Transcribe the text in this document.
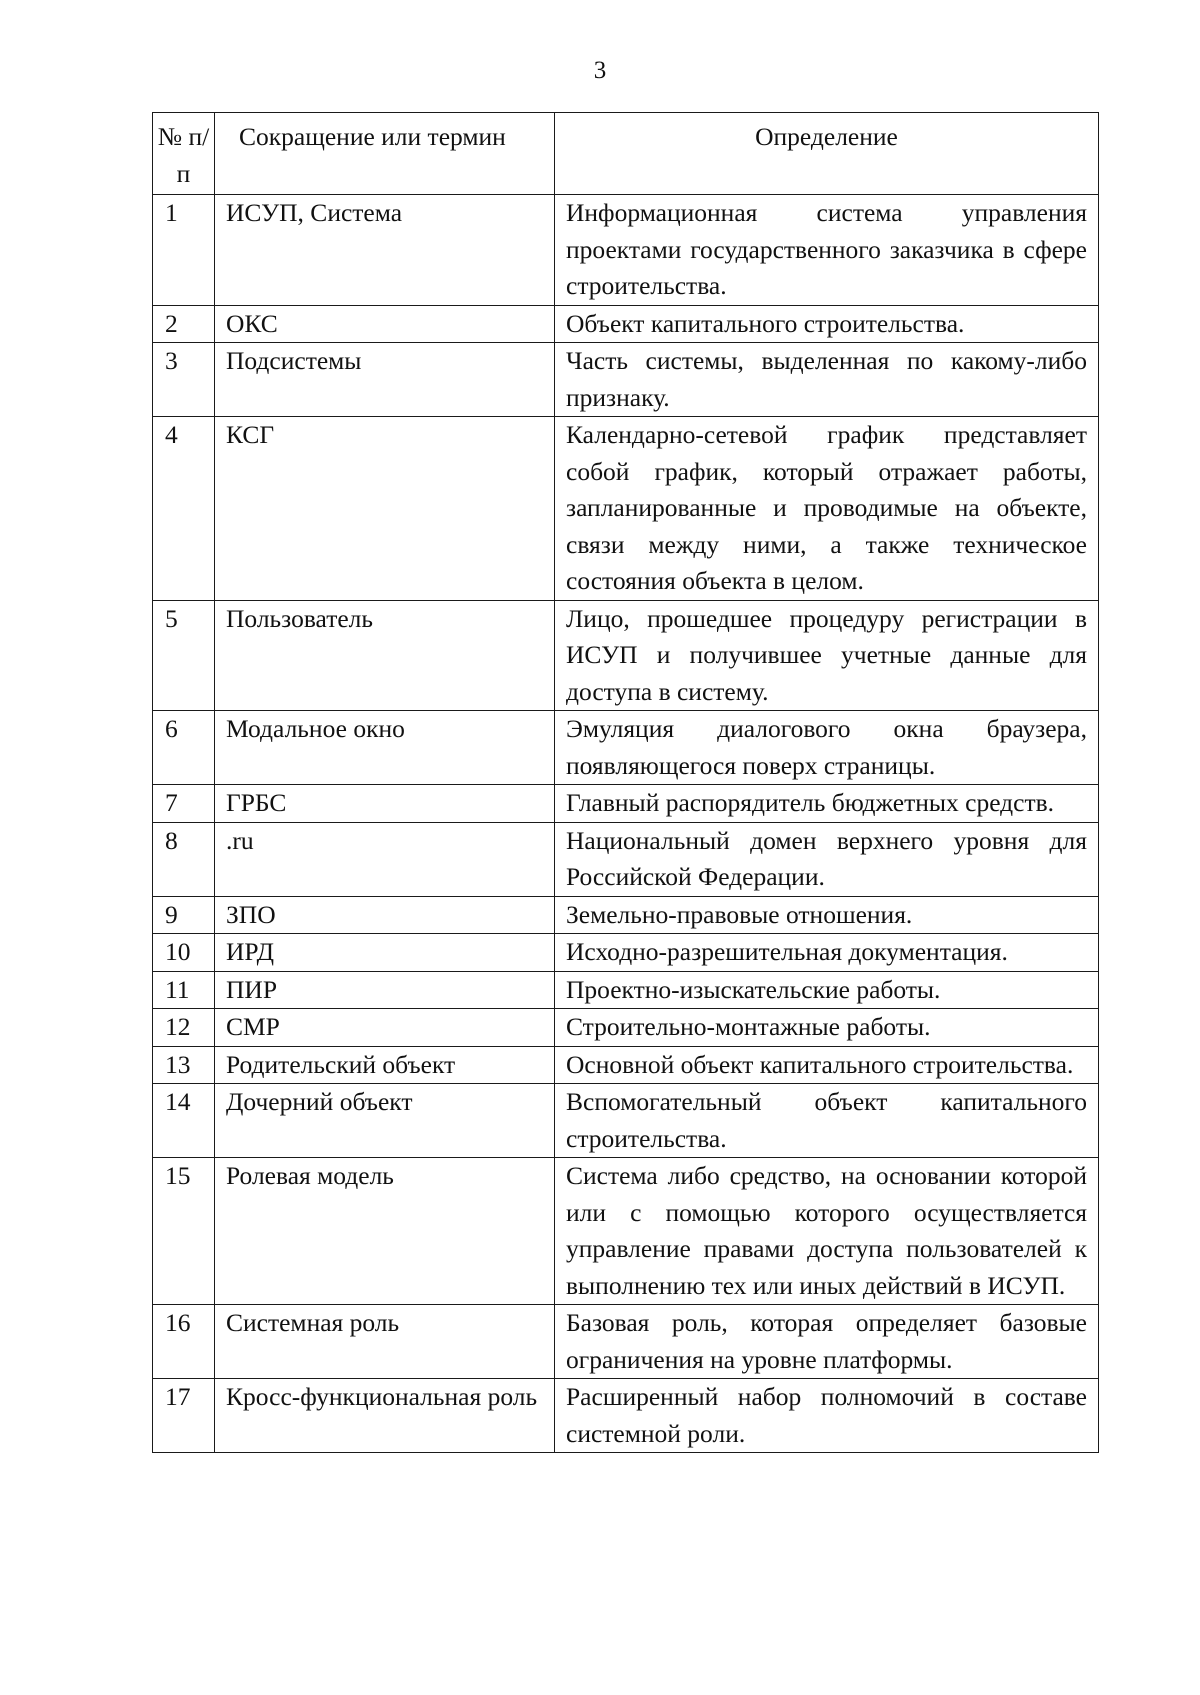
3
№ п/п	Сокращение или термин	Определение

1	ИСУП, Система	Информационная система управления проектами государственного заказчика в сфере строительства.

2	ОКС	Объект капитального строительства.

3	Подсистемы	Часть системы, выделенная по какому-либо признаку.

4	КСГ	Календарно-сетевой график представляет собой график, который отражает работы, запланированные и проводимые на объекте, связи между ними, а также техническое состояния объекта в целом.

5	Пользователь	Лицо, прошедшее процедуру регистрации в ИСУП и получившее учетные данные для доступа в систему.

6	Модальное окно	Эмуляция диалогового окна браузера, появляющегося поверх страницы.

7	ГРБС	Главный распорядитель бюджетных средств.

8	.ru	Национальный домен верхнего уровня для Российской Федерации.

9	ЗПО	Земельно-правовые отношения.

10	ИРД	Исходно-разрешительная документация.

11	ПИР	Проектно-изыскательские работы.

12	СМР	Строительно-монтажные работы.

13	Родительский объект	Основной объект капитального строительства.

14	Дочерний объект	Вспомогательный объект капитального строительства.

15	Ролевая модель	Система либо средство, на основании которой или с помощью которого осуществляется управление правами доступа пользователей к выполнению тех или иных действий в ИСУП.

16	Системная роль	Базовая роль, которая определяет базовые ограничения на уровне платформы.

17	Кросс-функциональная роль	Расширенный набор полномочий в составе системной роли.
